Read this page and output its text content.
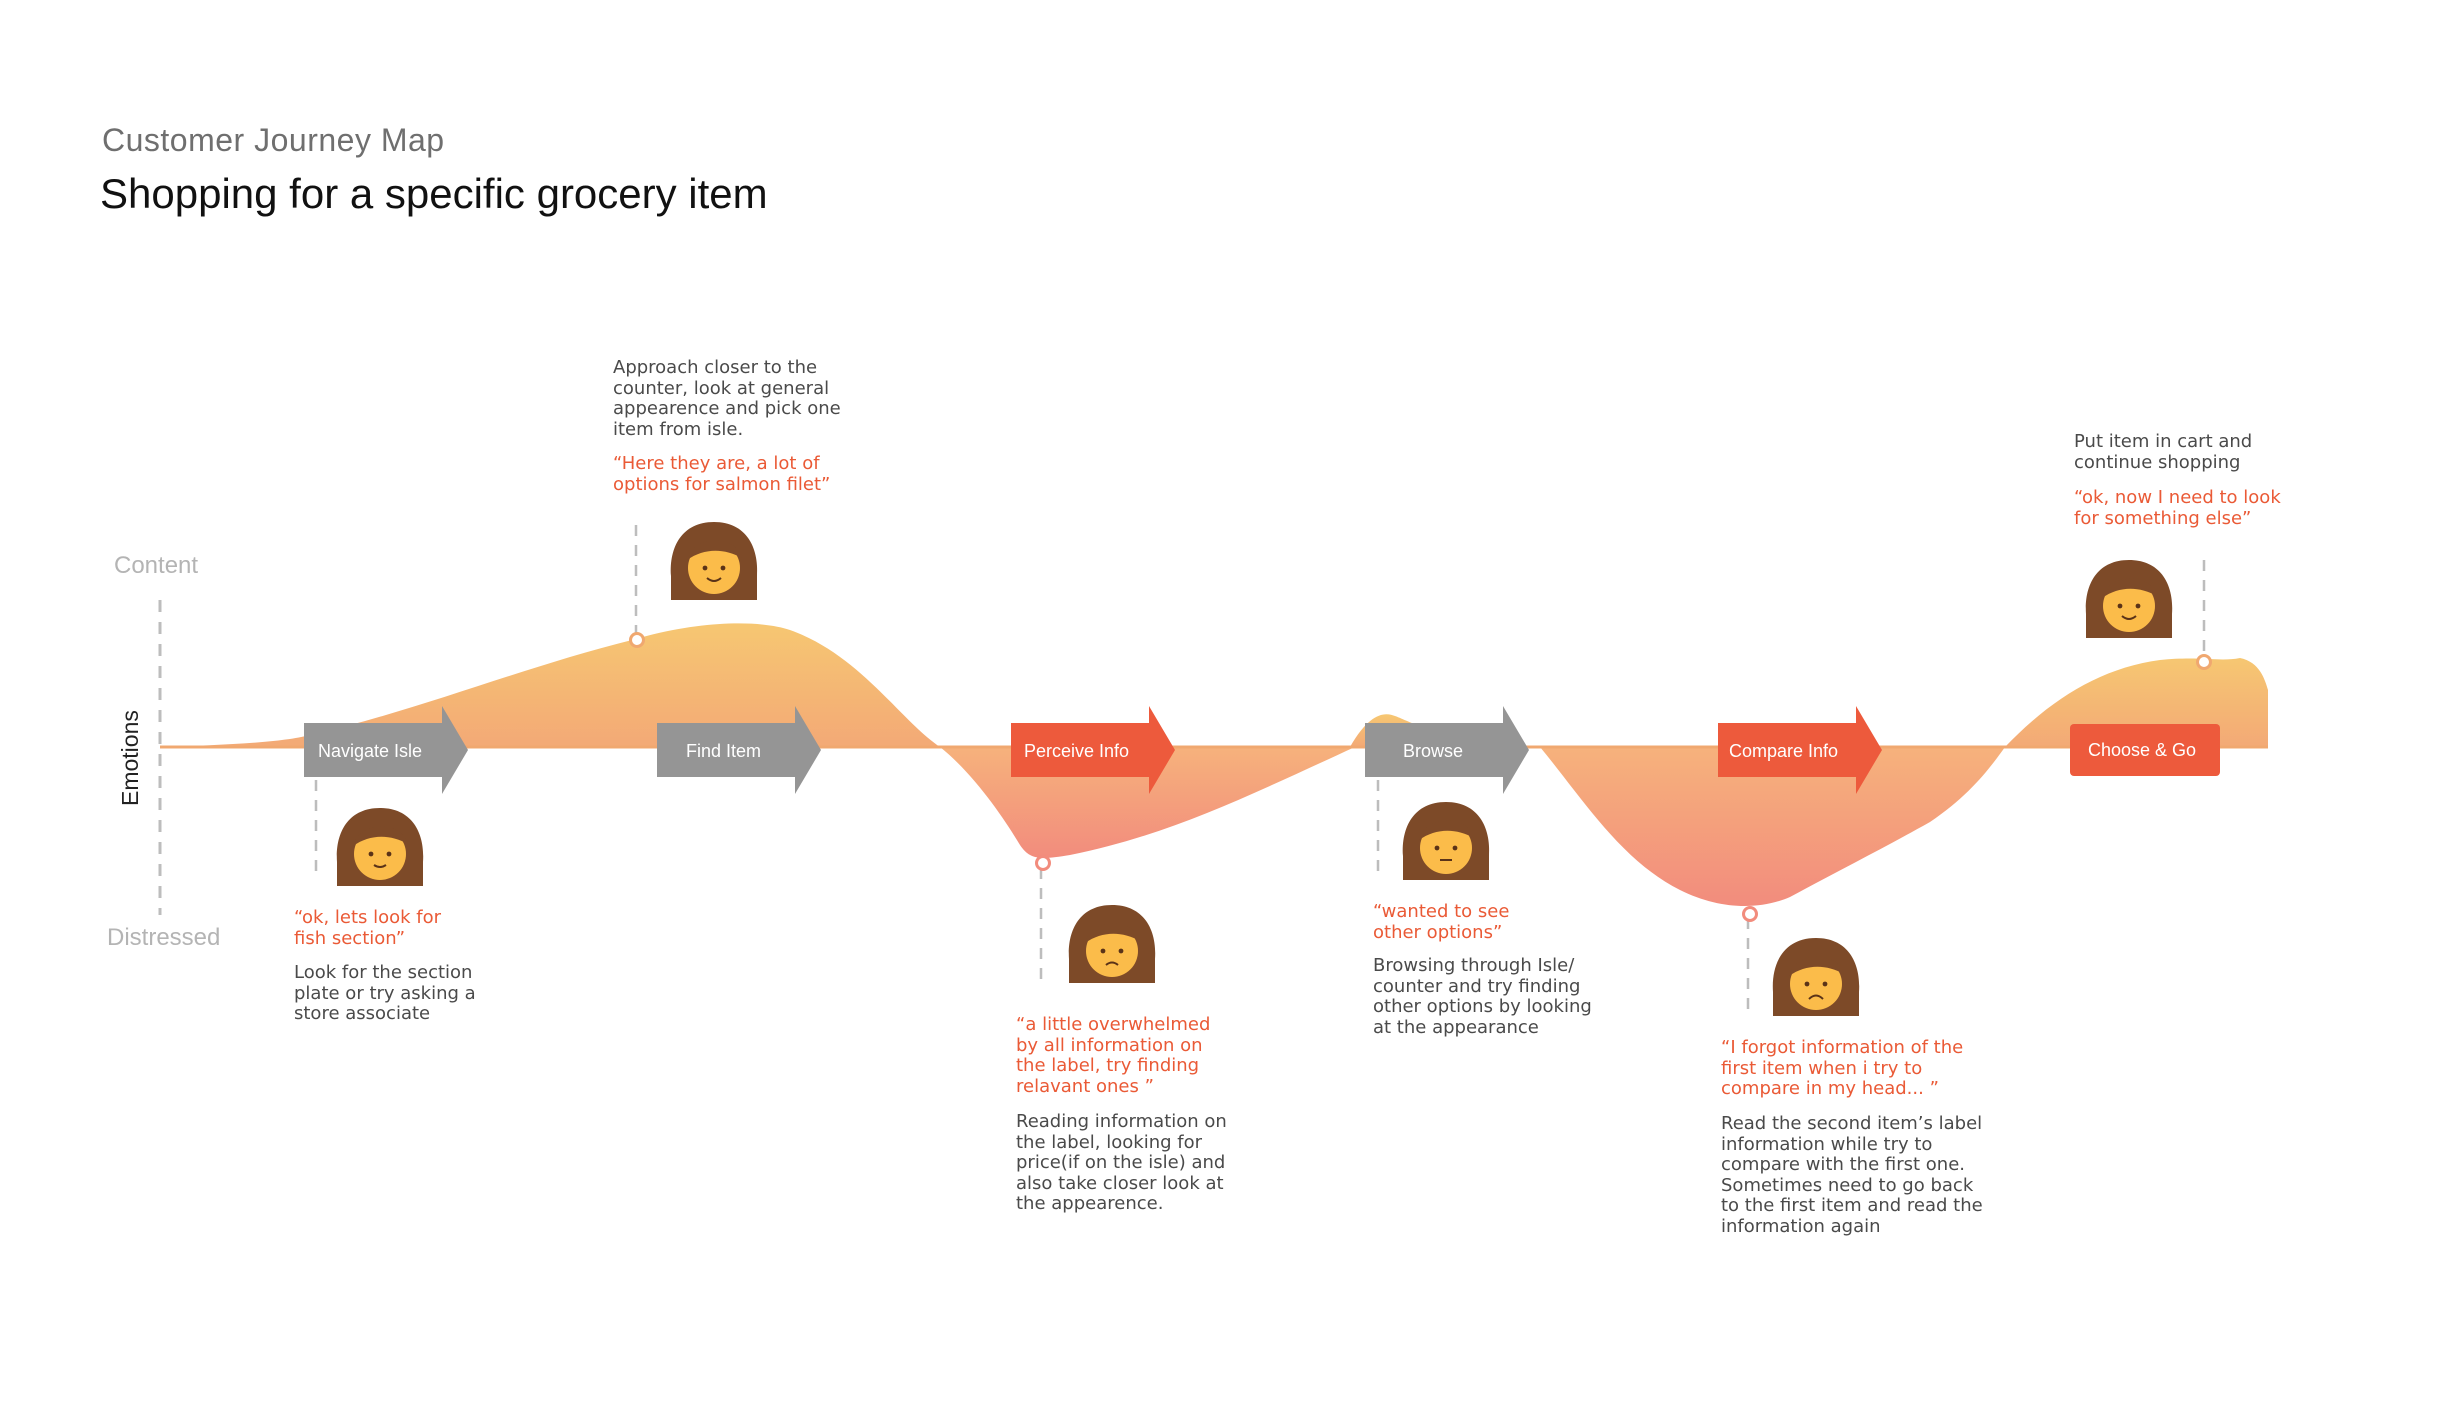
Customer Journey Map
Shopping for a specific grocery item
Content
Distressed
Emotions	Navigate Isle	Find Item	Perceive Info	Browse	Compare Info	Choose & Go
“ok, lets look for
fish section”
Look for the section
plate or try asking a
store associate
Approach closer to the
counter, look at general
appearence and pick one
item from isle.
“Here they are, a lot of
options for salmon filet”
“a little overwhelmed
by all information on
the label, try finding
relavant ones ”
Reading information on
the label, looking for
price(if on the isle) and
also take closer look at
the appearence.
“wanted to see
other options”
Browsing through Isle/
counter and try finding
other options by looking
at the appearance
“I forgot information of the
first item when i try to
compare in my head... ”
Read the second item’s label
information while try to
compare with the first one.
Sometimes need to go back
to the first item and read the
information again
Put item in cart and
continue shopping
“ok, now I need to look
for something else”
